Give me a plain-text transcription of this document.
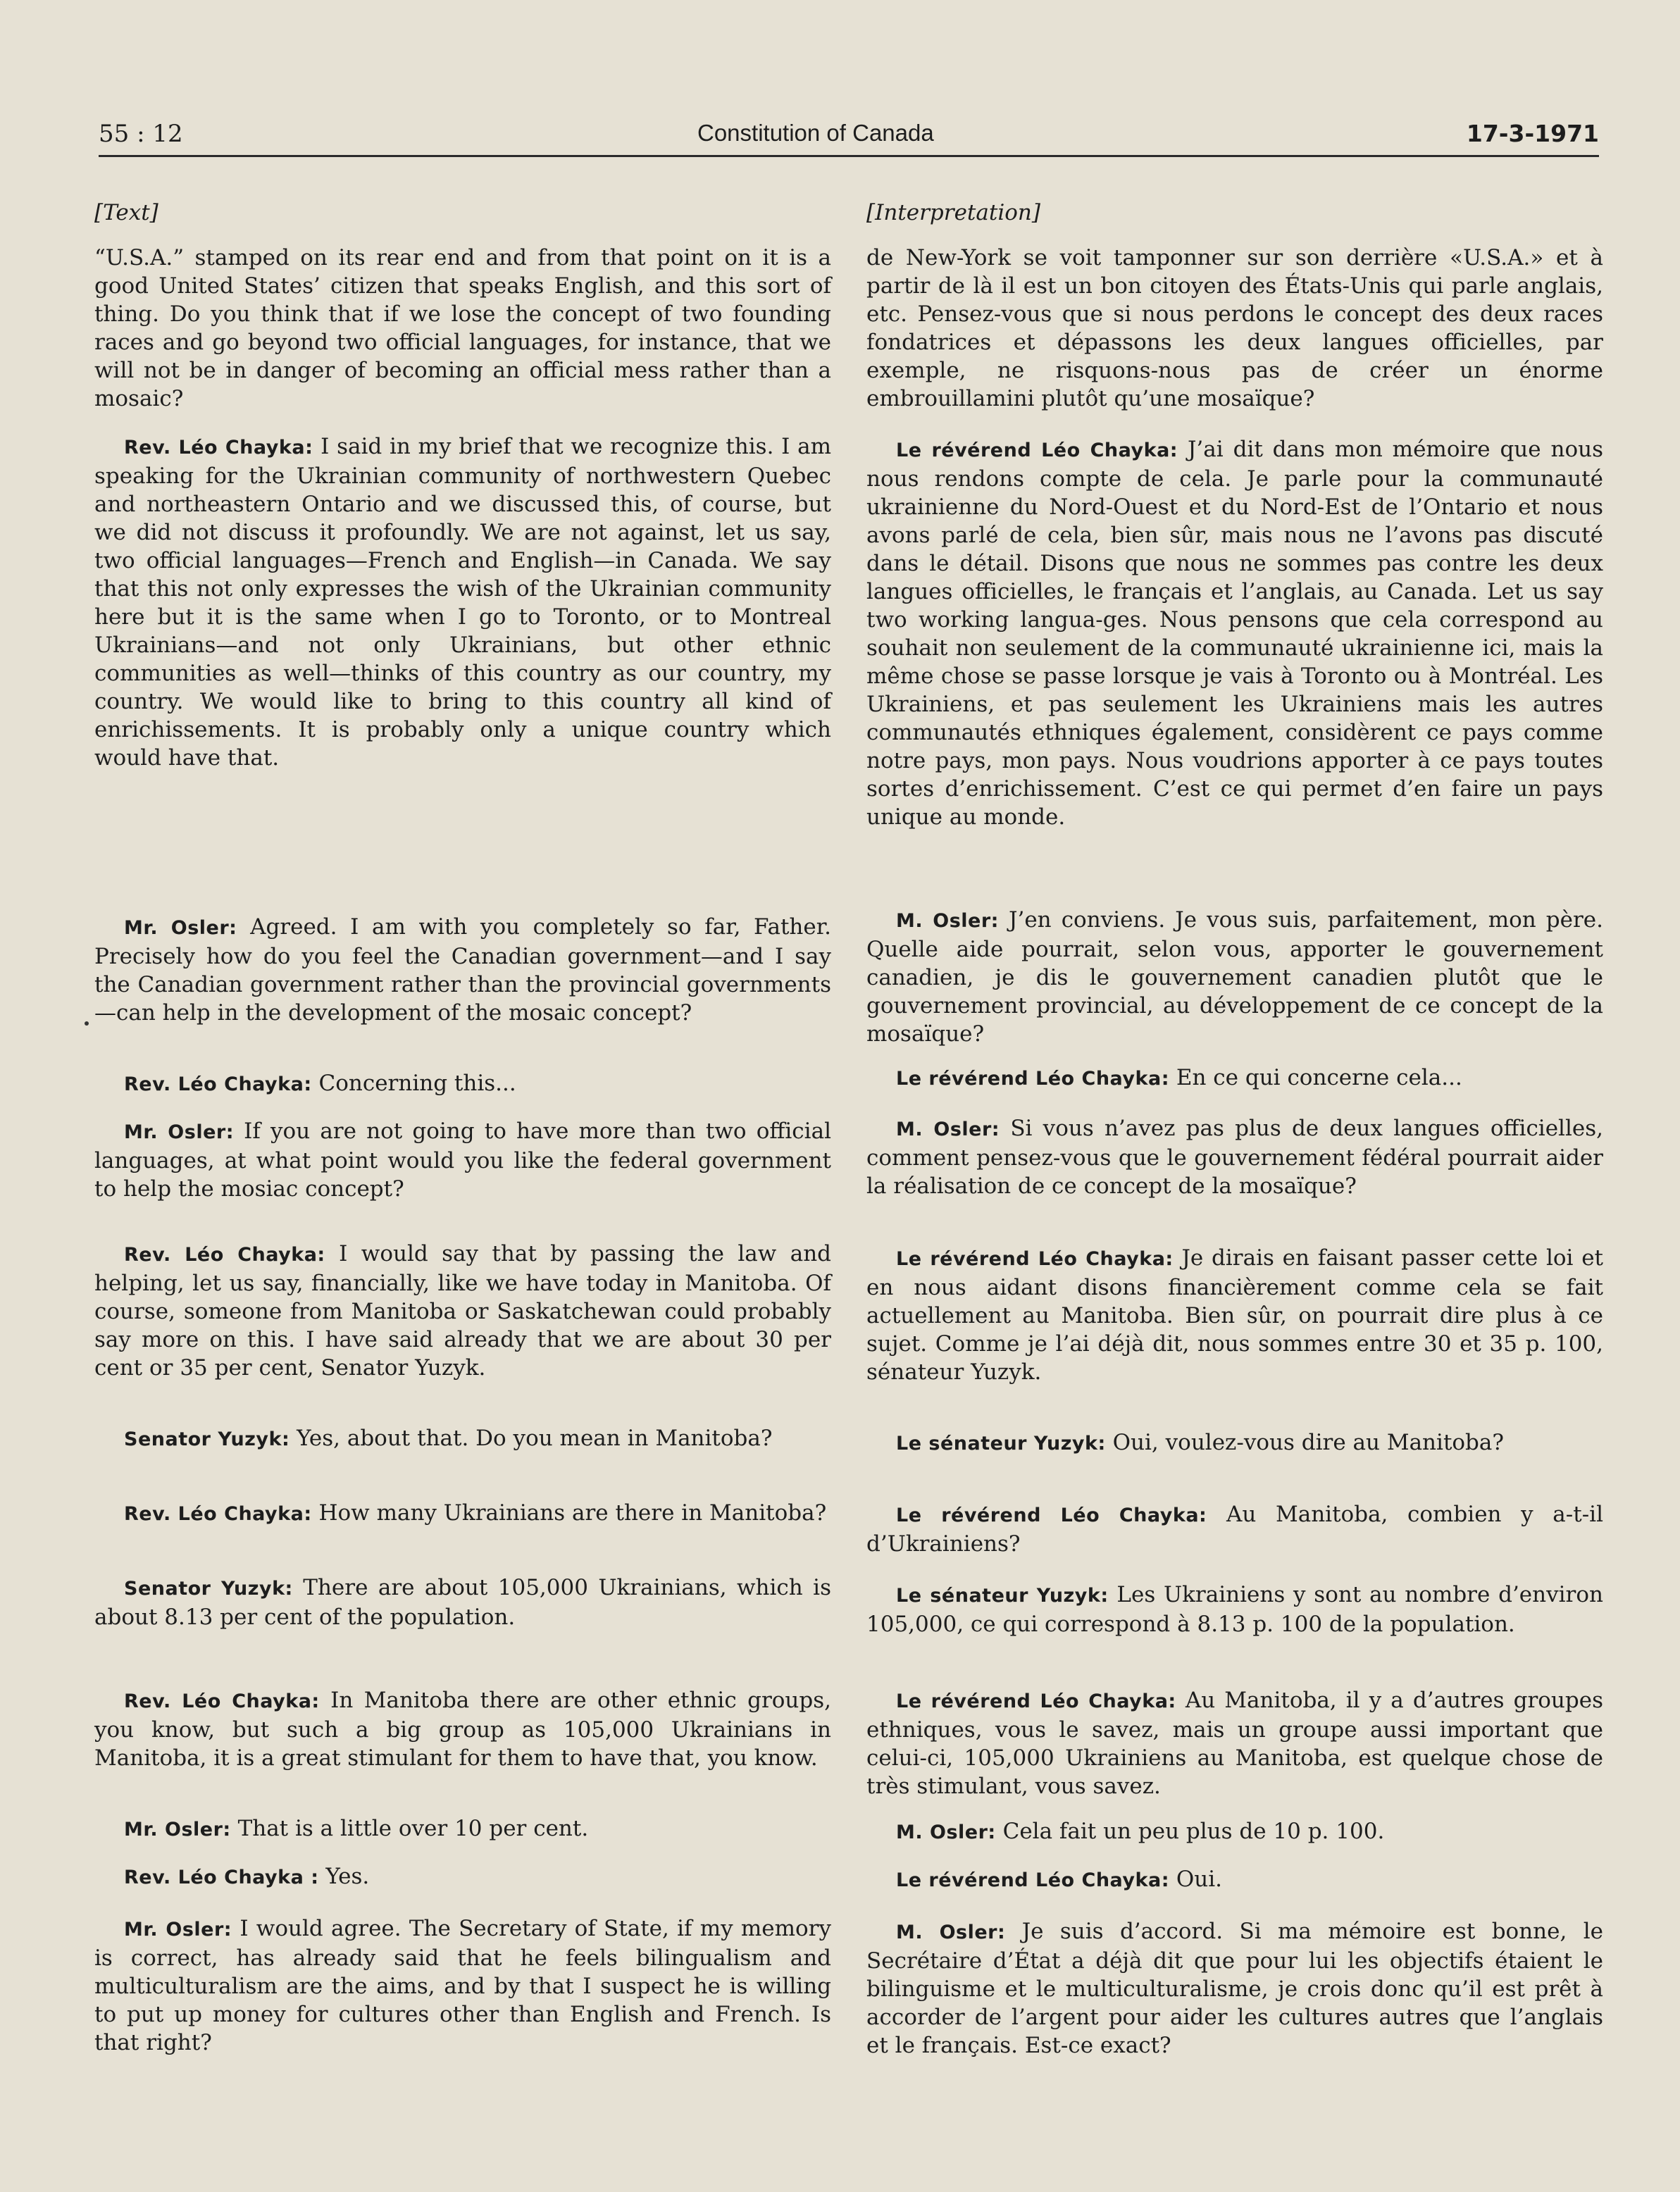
55 : 12	Constitution of Canada	17-3-1971
[Text]

“U.S.A.” stamped on its rear end and from that point on it is a good United States’ citizen that speaks English, and this sort of thing. Do you think that if we lose the concept of two founding races and go beyond two official languages, for instance, that we will not be in danger of becoming an official mess rather than a mosaic?

Rev. Léo Chayka: I said in my brief that we recognize this. I am speaking for the Ukrainian community of northwestern Quebec and northeastern Ontario and we discussed this, of course, but we did not discuss it profoundly. We are not against, let us say, two official languages—French and English—in Canada. We say that this not only expresses the wish of the Ukrainian community here but it is the same when I go to Toronto, or to Montreal Ukrainians—and not only Ukrainians, but other ethnic communities as well—thinks of this country as our country, my country. We would like to bring to this country all kind of enrichissements. It is probably only a unique country which would have that.

Mr. Osler: Agreed. I am with you completely so far, Father. Precisely how do you feel the Canadian government—and I say the Canadian government rather than the provincial governments—can help in the development of the mosaic concept?

Rev. Léo Chayka: Concerning this...

Mr. Osler: If you are not going to have more than two official languages, at what point would you like the federal government to help the mosiac concept?

Rev. Léo Chayka: I would say that by passing the law and helping, let us say, financially, like we have today in Manitoba. Of course, someone from Manitoba or Saskatchewan could probably say more on this. I have said already that we are about 30 per cent or 35 per cent, Senator Yuzyk.

Senator Yuzyk: Yes, about that. Do you mean in Manitoba?

Rev. Léo Chayka: How many Ukrainians are there in Manitoba?

Senator Yuzyk: There are about 105,000 Ukrainians, which is about 8.13 per cent of the population.

Rev. Léo Chayka: In Manitoba there are other ethnic groups, you know, but such a big group as 105,000 Ukrainians in Manitoba, it is a great stimulant for them to have that, you know.

Mr. Osler: That is a little over 10 per cent.

Rev. Léo Chayka : Yes.

Mr. Osler: I would agree. The Secretary of State, if my memory is correct, has already said that he feels bilingualism and multiculturalism are the aims, and by that I suspect he is willing to put up money for cultures other than English and French. Is that right?

[Interpretation]

de New-York se voit tamponner sur son derrière «U.S.A.» et à partir de là il est un bon citoyen des États-Unis qui parle anglais, etc. Pensez-vous que si nous perdons le concept des deux races fondatrices et dépassons les deux langues officielles, par exemple, ne risquons-nous pas de créer un énorme embrouillamini plutôt qu’une mosaïque?

Le révérend Léo Chayka: J’ai dit dans mon mémoire que nous nous rendons compte de cela. Je parle pour la communauté ukrainienne du Nord-Ouest et du Nord-Est de l’Ontario et nous avons parlé de cela, bien sûr, mais nous ne l’avons pas discuté dans le détail. Disons que nous ne sommes pas contre les deux langues officielles, le français et l’anglais, au Canada. Let us say two working langua-ges. Nous pensons que cela correspond au souhait non seulement de la communauté ukrainienne ici, mais la même chose se passe lorsque je vais à Toronto ou à Montréal. Les Ukrainiens, et pas seulement les Ukrainiens mais les autres communautés ethniques également, considèrent ce pays comme notre pays, mon pays. Nous voudrions apporter à ce pays toutes sortes d’enrichissement. C’est ce qui permet d’en faire un pays unique au monde.

M. Osler: J’en conviens. Je vous suis, parfaitement, mon père. Quelle aide pourrait, selon vous, apporter le gouvernement canadien, je dis le gouvernement canadien plutôt que le gouvernement provincial, au développement de ce concept de la mosaïque?

Le révérend Léo Chayka: En ce qui concerne cela...

M. Osler: Si vous n’avez pas plus de deux langues officielles, comment pensez-vous que le gouvernement fédéral pourrait aider la réalisation de ce concept de la mosaïque?

Le révérend Léo Chayka: Je dirais en faisant passer cette loi et en nous aidant disons financièrement comme cela se fait actuellement au Manitoba. Bien sûr, on pourrait dire plus à ce sujet. Comme je l’ai déjà dit, nous sommes entre 30 et 35 p. 100, sénateur Yuzyk.

Le sénateur Yuzyk: Oui, voulez-vous dire au Manitoba?

Le révérend Léo Chayka: Au Manitoba, combien y a-t-il d’Ukrainiens?

Le sénateur Yuzyk: Les Ukrainiens y sont au nombre d’environ 105,000, ce qui correspond à 8.13 p. 100 de la population.

Le révérend Léo Chayka: Au Manitoba, il y a d’autres groupes ethniques, vous le savez, mais un groupe aussi important que celui-ci, 105,000 Ukrainiens au Manitoba, est quelque chose de très stimulant, vous savez.

M. Osler: Cela fait un peu plus de 10 p. 100.

Le révérend Léo Chayka: Oui.

M. Osler: Je suis d’accord. Si ma mémoire est bonne, le Secrétaire d’État a déjà dit que pour lui les objectifs étaient le bilinguisme et le multiculturalisme, je crois donc qu’il est prêt à accorder de l’argent pour aider les cultures autres que l’anglais et le français. Est-ce exact?
